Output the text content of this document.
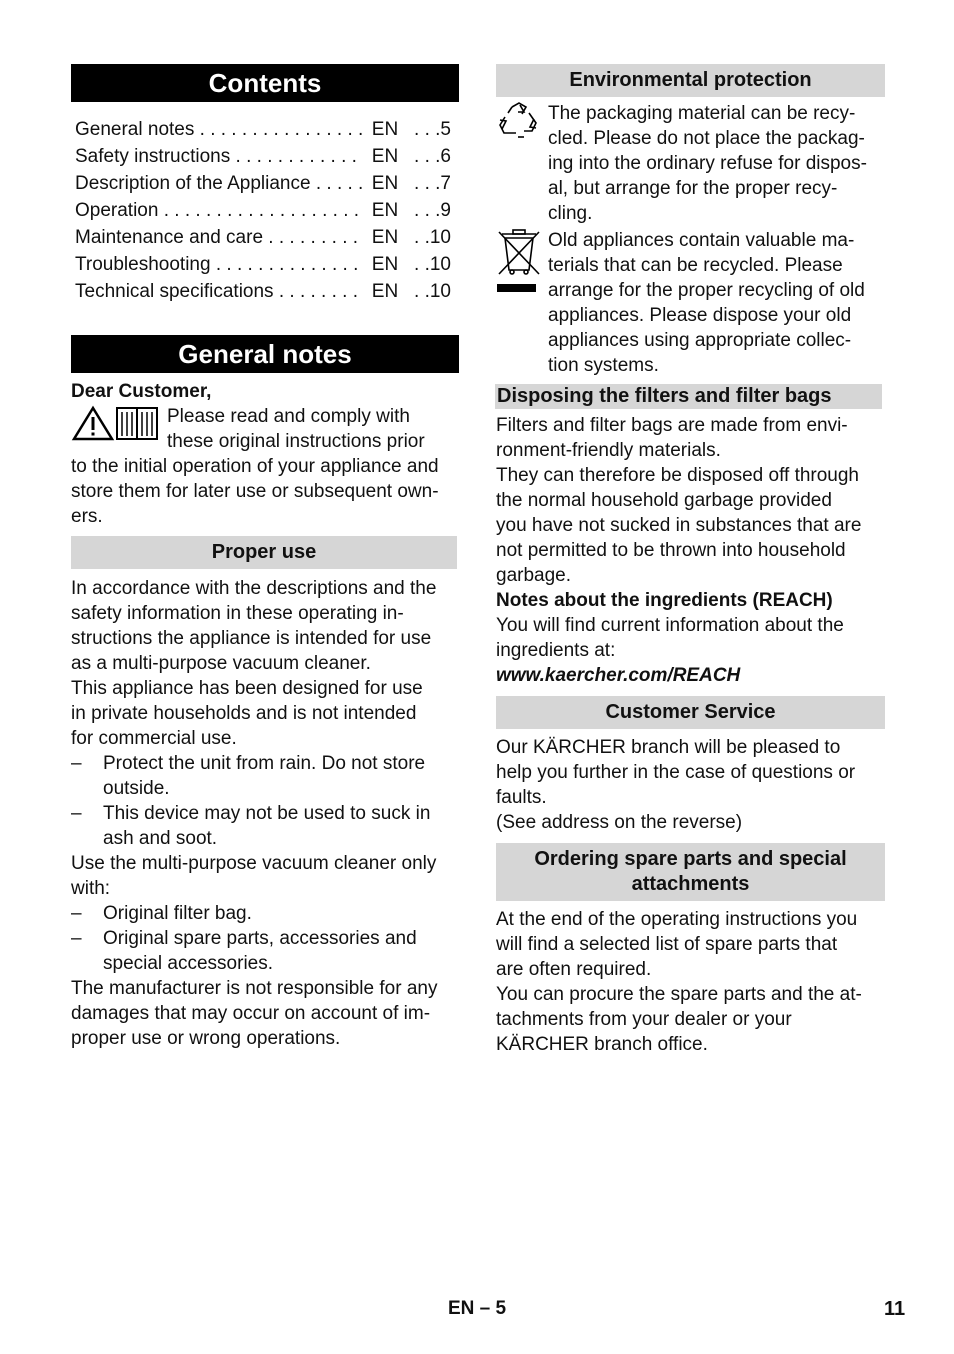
Contents
General notes . . .	EN . . .5
Safety instructions . . .	EN . . .6
Description of the Appliance . . .	EN . . .7
Operation . . .	EN . . .9
Maintenance and care . . .	EN . .10
Troubleshooting . . .	EN . .10
Technical specifications . . .	EN . .10
General notes

Dear Customer,

Please read and comply with

these original instructions prior

to the initial operation of your appliance and

store them for later use or subsequent own-

ers.

Proper use

In accordance with the descriptions and the

safety information in these operating in-

structions the appliance is intended for use

as a multi-purpose vacuum cleaner.

This appliance has been designed for use

in private households and is not intended

for commercial use.

–	Protect the unit from rain. Do not store

outside.

–	This device may not be used to suck in

ash and soot.

Use the multi-purpose vacuum cleaner only

with:

–	Original filter bag.

–	Original spare parts, accessories and

special accessories.

The manufacturer is not responsible for any

damages that may occur on account of im-

proper use or wrong operations.

Environmental protection

The packaging material can be recy-

cled. Please do not place the packag-

ing into the ordinary refuse for dispos-

al, but arrange for the proper recy-

cling.

Old appliances contain valuable ma-

terials that can be recycled. Please

arrange for the proper recycling of old

appliances. Please dispose your old

appliances using appropriate collec-

tion systems.

Disposing the filters and filter bags

Filters and filter bags are made from envi-

ronment-friendly materials.

They can therefore be disposed off through

the normal household garbage provided

you have not sucked in substances that are

not permitted to be thrown into household

garbage.

Notes about the ingredients (REACH)

You will find current information about the

ingredients at:

www.kaercher.com/REACH

Customer Service

Our KÄRCHER branch will be pleased to

help you further in the case of questions or

faults.

(See address on the reverse)

Ordering spare parts and special
attachments

At the end of the operating instructions you

will find a selected list of spare parts that

are often required.

You can procure the spare parts and the at-

tachments from your dealer or your

KÄRCHER branch office.

EN – 5	11
